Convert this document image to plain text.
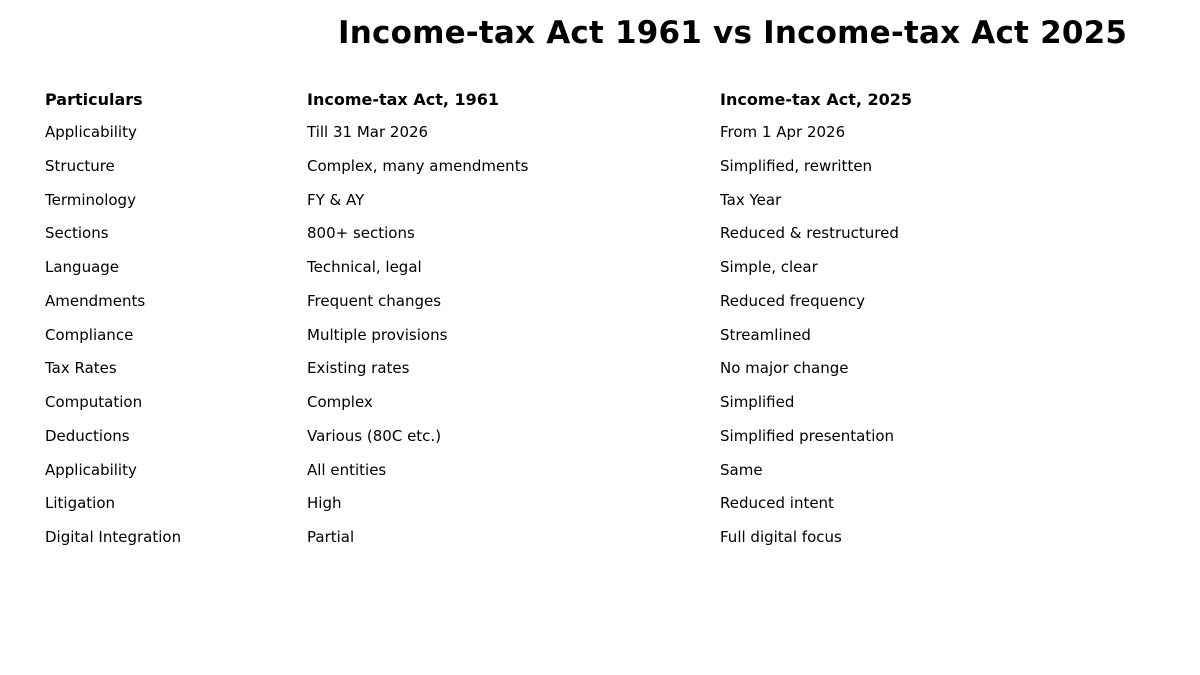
Income-tax Act 1961 vs Income-tax Act 2025
Particulars	Income-tax Act, 1961	Income-tax Act, 2025
Applicability	Till 31 Mar 2026	From 1 Apr 2026
Structure	Complex, many amendments	Simplified, rewritten
Terminology	FY & AY	Tax Year
Sections	800+ sections	Reduced & restructured
Language	Technical, legal	Simple, clear
Amendments	Frequent changes	Reduced frequency
Compliance	Multiple provisions	Streamlined
Tax Rates	Existing rates	No major change
Computation	Complex	Simplified
Deductions	Various (80C etc.)	Simplified presentation
Applicability	All entities	Same
Litigation	High	Reduced intent
Digital Integration	Partial	Full digital focus
